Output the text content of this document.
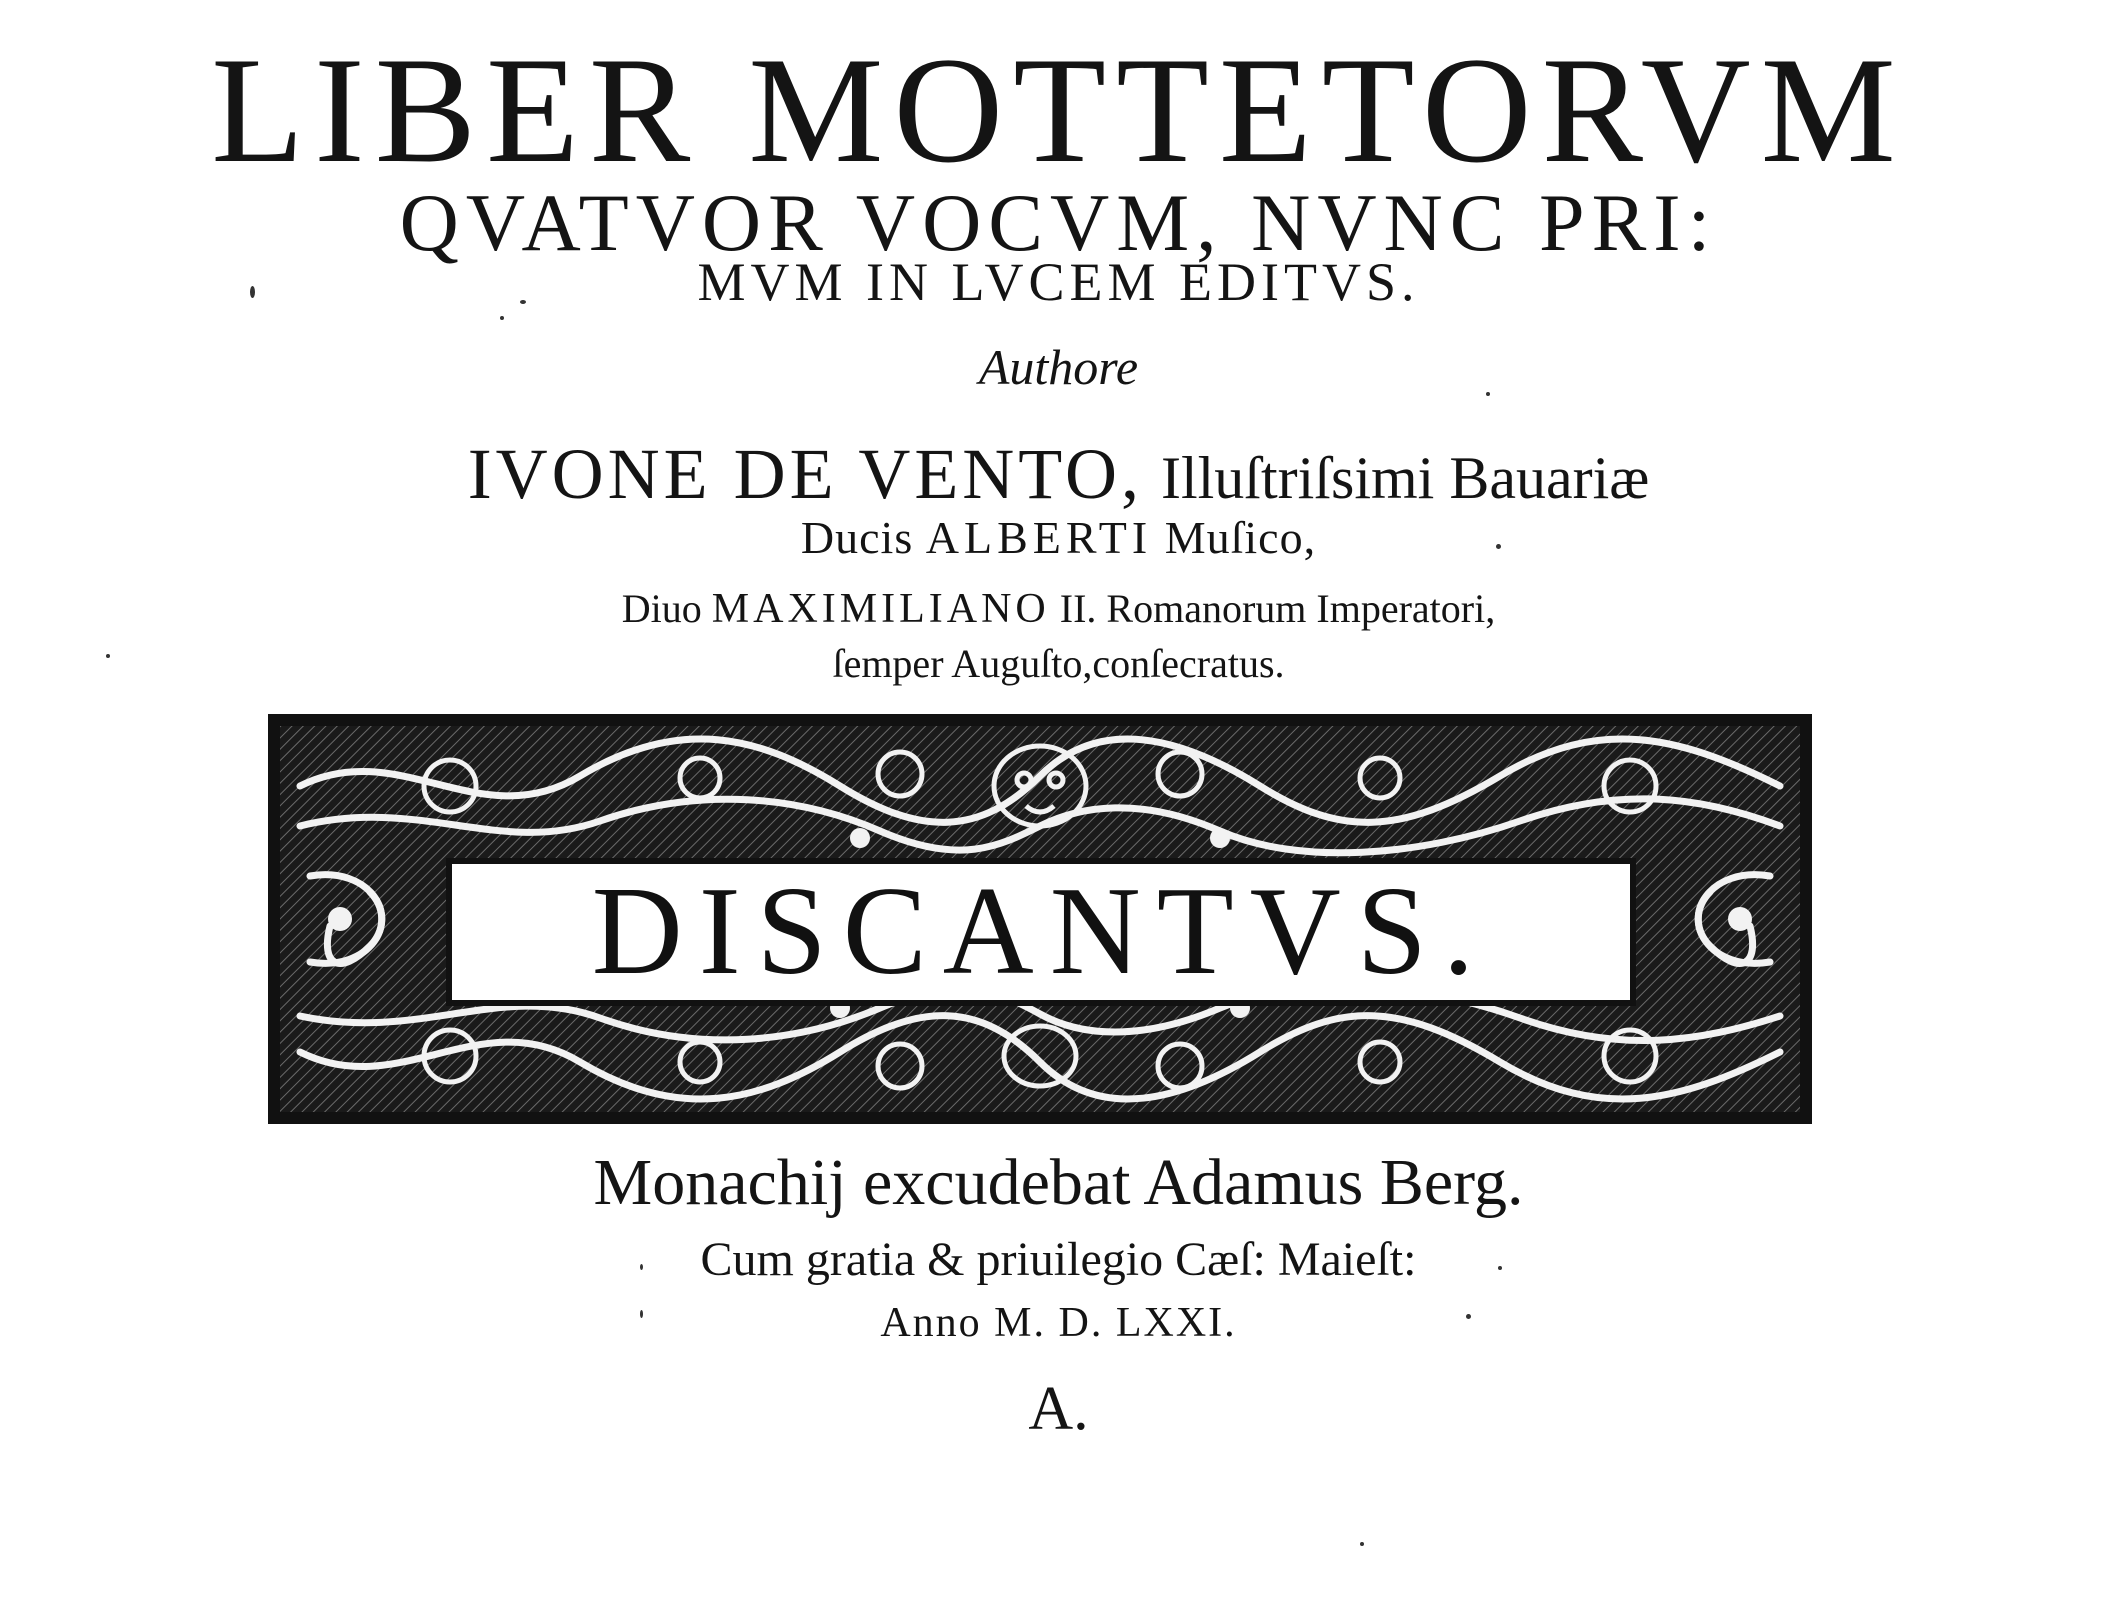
LIBER MOTTETORVM
QVATVOR VOCVM, NVNC PRI:
MVM IN LVCEM EDITVS.
Authore
IVONE DE VENTO, Illuſtriſsimi Bauariæ
Ducis ALBERTI Muſico,
Diuo MAXIMILIANO II. Romanorum Imperatori,
ſemper Auguſto,conſecratus.
DISCANTVS.
Monachij excudebat Adamus Berg.
Cum gratia & priuilegio Cæſ: Maieſt:
Anno M. D. LXXI.
A.
